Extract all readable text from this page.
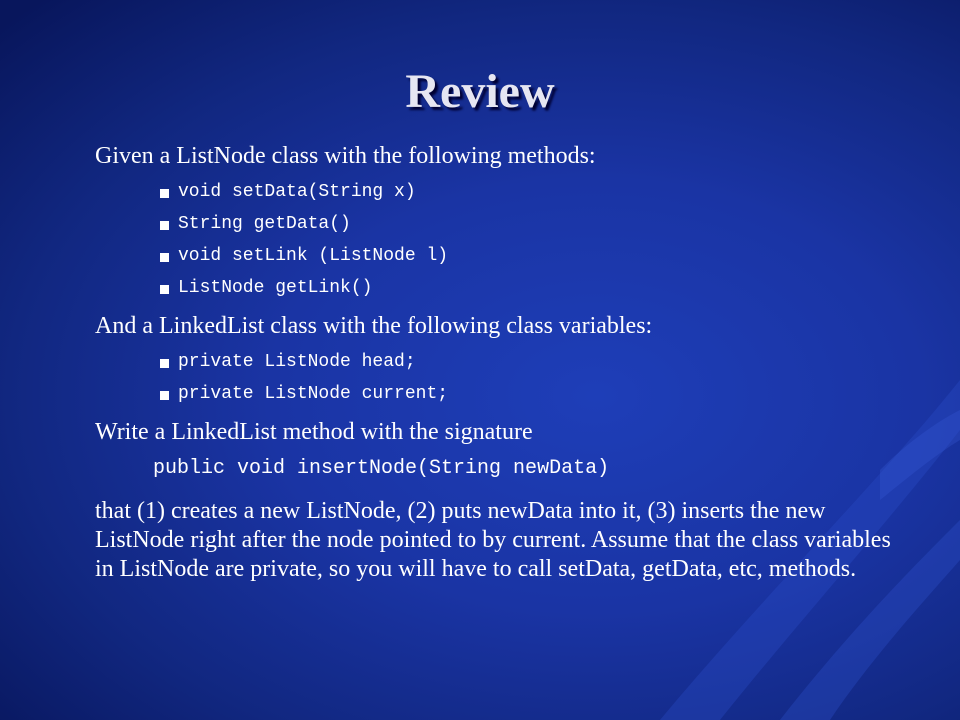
Review
Given a ListNode class with the following methods:
void setData(String x)
String getData()
void setLink (ListNode l)
ListNode getLink()
And a LinkedList class with the following class variables:
private ListNode head;
private ListNode current;
Write a LinkedList method with the signature
public void insertNode(String newData)
that (1) creates a new ListNode, (2) puts newData into it, (3) inserts the new ListNode right after the node pointed to by current. Assume that the class variables in ListNode are private, so you will have to call setData, getData, etc, methods.
